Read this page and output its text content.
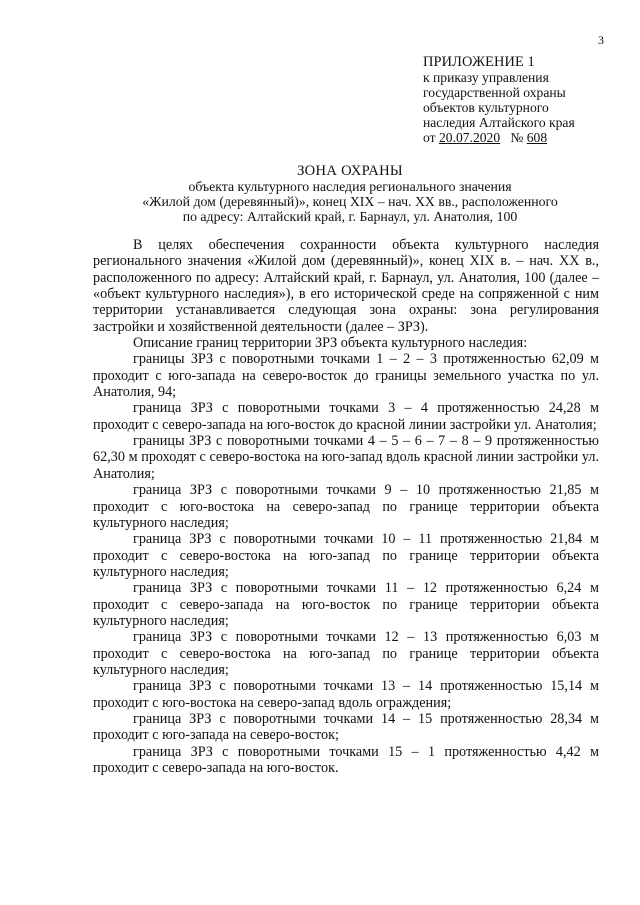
3
ПРИЛОЖЕНИЕ 1
к приказу управления
государственной охраны
объектов культурного
наследия Алтайского края
от 20.07.2020 № 608
ЗОНА ОХРАНЫ
объекта культурного наследия регионального значения
«Жилой дом (деревянный)», конец XIX – нач. XX вв., расположенного
по адресу: Алтайский край, г. Барнаул, ул. Анатолия, 100

В целях обеспечения сохранности объекта культурного наследия регионального значения «Жилой дом (деревянный)», конец XIX в. – нач. XX в., расположенного по адресу: Алтайский край, г. Барнаул, ул. Анатолия, 100 (далее – «объект культурного наследия»), в его исторической среде на сопряженной с ним территории устанавливается следующая зона охраны: зона регулирования застройки и хозяйственной деятельности (далее – ЗРЗ).

Описание границ территории ЗРЗ объекта культурного наследия:

границы ЗРЗ с поворотными точками 1 – 2 – 3 протяженностью 62,09 м проходит с юго-запада на северо-восток до границы земельного участка по ул. Анатолия, 94;

граница ЗРЗ с поворотными точками 3 – 4 протяженностью 24,28 м проходит с северо-запада на юго-восток до красной линии застройки ул. Анатолия;

границы ЗРЗ с поворотными точками 4 – 5 – 6 – 7 – 8 – 9 протяженностью 62,30 м проходят с северо-востока на юго-запад вдоль красной линии застройки ул. Анатолия;

граница ЗРЗ с поворотными точками 9 – 10 протяженностью 21,85 м проходит с юго-востока на северо-запад по границе территории объекта культурного наследия;

граница ЗРЗ с поворотными точками 10 – 11 протяженностью 21,84 м проходит с северо-востока на юго-запад по границе территории объекта культурного наследия;

граница ЗРЗ с поворотными точками 11 – 12 протяженностью 6,24 м проходит с северо-запада на юго-восток по границе территории объекта культурного наследия;

граница ЗРЗ с поворотными точками 12 – 13 протяженностью 6,03 м проходит с северо-востока на юго-запад по границе территории объекта культурного наследия;

граница ЗРЗ с поворотными точками 13 – 14 протяженностью 15,14 м проходит с юго-востока на северо-запад вдоль ограждения;

граница ЗРЗ с поворотными точками 14 – 15 протяженностью 28,34 м проходит с юго-запада на северо-восток;

граница ЗРЗ с поворотными точками 15 – 1 протяженностью 4,42 м проходит с северо-запада на юго-восток.
